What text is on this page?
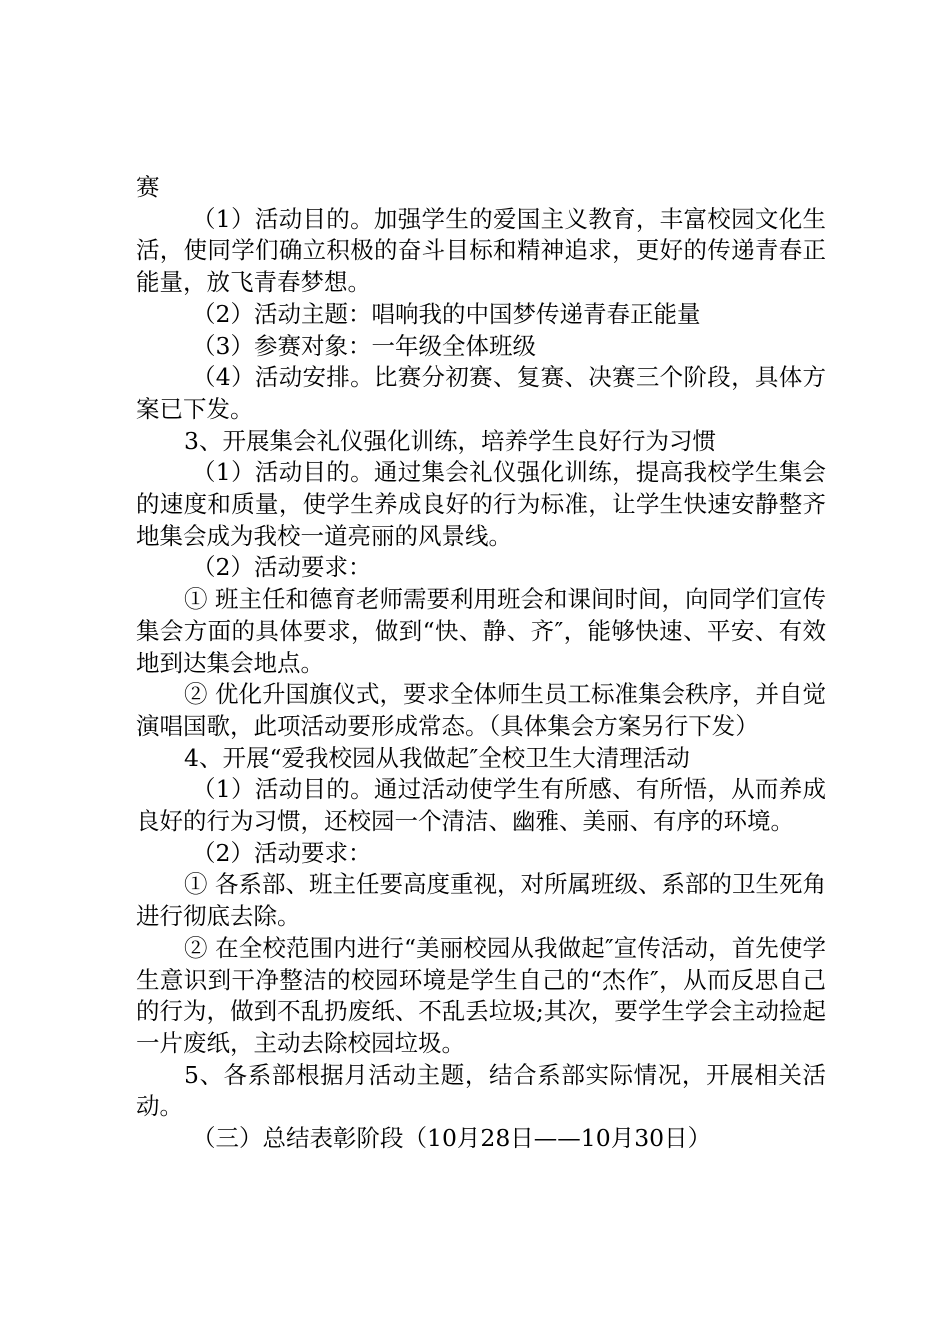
赛

（1）活动目的。加强学生的爱国主义教育，丰富校园文化生活，使同学们确立积极的奋斗目标和精神追求，更好的传递青春正能量，放飞青春梦想。

（2）活动主题：唱响我的中国梦传递青春正能量

（3）参赛对象：一年级全体班级

（4）活动安排。比赛分初赛、复赛、决赛三个阶段，具体方案已下发。

3、开展集会礼仪强化训练，培养学生良好行为习惯

（1）活动目的。通过集会礼仪强化训练，提高我校学生集会的速度和质量，使学生养成良好的行为标准，让学生快速安静整齐地集会成为我校一道亮丽的风景线。

（2）活动要求：

① 班主任和德育老师需要利用班会和课间时间，向同学们宣传集会方面的具体要求，做到“快、静、齐″，能够快速、平安、有效地到达集会地点。

② 优化升国旗仪式，要求全体师生员工标准集会秩序，并自觉演唱国歌，此项活动要形成常态。（具体集会方案另行下发）

4、开展“爱我校园从我做起″全校卫生大清理活动

（1）活动目的。通过活动使学生有所感、有所悟，从而养成良好的行为习惯，还校园一个清洁、幽雅、美丽、有序的环境。

（2）活动要求：

① 各系部、班主任要高度重视，对所属班级、系部的卫生死角进行彻底去除。

② 在全校范围内进行“美丽校园从我做起″宣传活动，首先使学生意识到干净整洁的校园环境是学生自己的“杰作″，从而反思自己的行为，做到不乱扔废纸、不乱丢垃圾;其次，要学生学会主动捡起一片废纸，主动去除校园垃圾。

5、各系部根据月活动主题，结合系部实际情况，开展相关活动。

（三）总结表彰阶段（10月28日——10月30日）
